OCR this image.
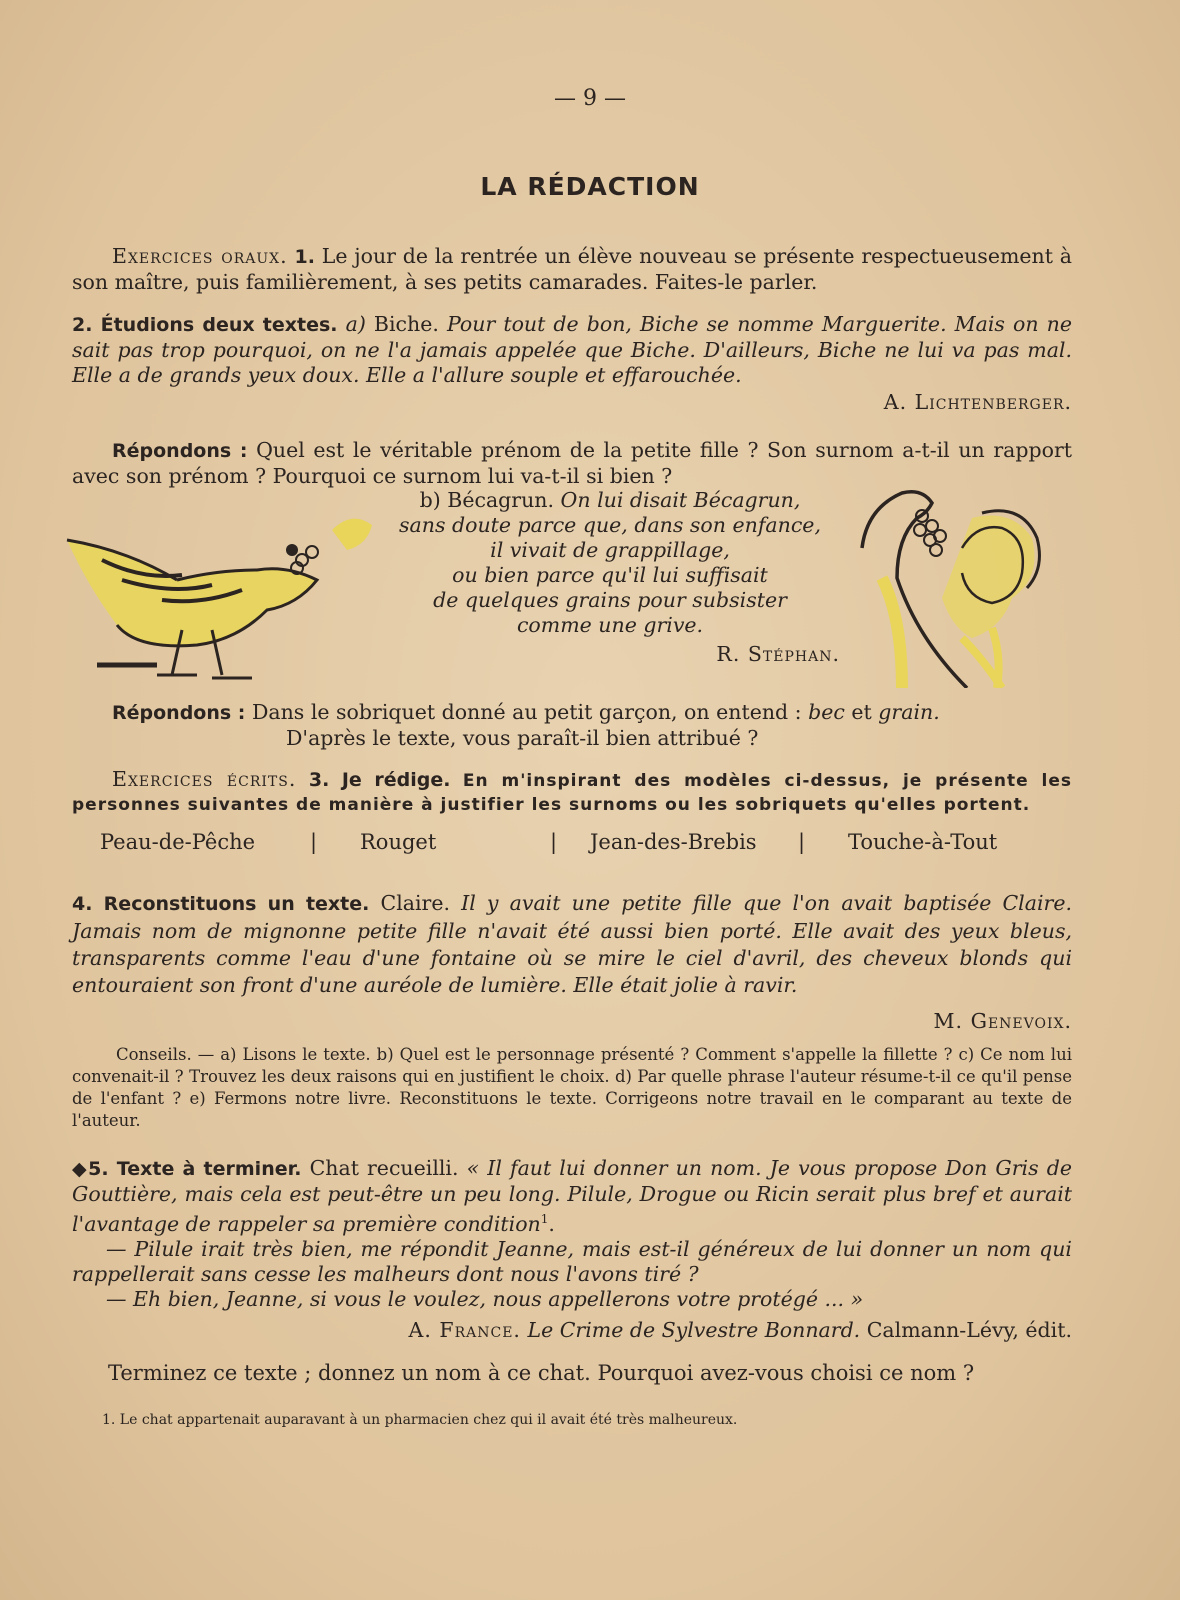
— 9 —
LA RÉDACTION

Exercices oraux. 1. Le jour de la rentrée un élève nouveau se présente respectueusement à son maître, puis familièrement, à ses petits camarades. Faites-le parler.

2. Étudions deux textes. a) Biche. Pour tout de bon, Biche se nomme Marguerite. Mais on ne sait pas trop pourquoi, on ne l'a jamais appelée que Biche. D'ailleurs, Biche ne lui va pas mal. Elle a de grands yeux doux. Elle a l'allure souple et effarouchée.

A. Lichtenberger.

Répondons : Quel est le véritable prénom de la petite fille ? Son surnom a-t-il un rapport avec son prénom ? Pourquoi ce surnom lui va-t-il si bien ?

b) Bécagrun. On lui disait Bécagrun,

sans doute parce que, dans son enfance,

il vivait de grappillage,

ou bien parce qu'il lui suffisait

de quelques grains pour subsister

comme une grive.

R. Stéphan.

Répondons : Dans le sobriquet donné au petit garçon, on entend : bec et grain.

D'après le texte, vous paraît-il bien attribué ?

Exercices écrits. 3. Je rédige. En m'inspirant des modèles ci-dessus, je présente les personnes suivantes de manière à justifier les surnoms ou les sobriquets qu'elles portent.

Peau-de-Pêche	|	Rouget	|	Jean-des-Brebis	|	Touche-à-Tout

4. Reconstituons un texte. Claire. Il y avait une petite fille que l'on avait baptisée Claire. Jamais nom de mignonne petite fille n'avait été aussi bien porté. Elle avait des yeux bleus, transparents comme l'eau d'une fontaine où se mire le ciel d'avril, des cheveux blonds qui entouraient son front d'une auréole de lumière. Elle était jolie à ravir.

M. Genevoix.

Conseils. — a) Lisons le texte. b) Quel est le personnage présenté ? Comment s'appelle la fillette ? c) Ce nom lui convenait-il ? Trouvez les deux raisons qui en justifient le choix. d) Par quelle phrase l'auteur résume-t-il ce qu'il pense de l'enfant ? e) Fermons notre livre. Reconstituons le texte. Corrigeons notre travail en le comparant au texte de l'auteur.

◆5. Texte à terminer. Chat recueilli. « Il faut lui donner un nom. Je vous propose Don Gris de Gouttière, mais cela est peut-être un peu long. Pilule, Drogue ou Ricin serait plus bref et aurait l'avantage de rappeler sa première condition$^1$.

— Pilule irait très bien, me répondit Jeanne, mais est-il généreux de lui donner un nom qui rappellerait sans cesse les malheurs dont nous l'avons tiré ?

— Eh bien, Jeanne, si vous le voulez, nous appellerons votre protégé ... »

A. France. Le Crime de Sylvestre Bonnard. Calmann-Lévy, édit.

Terminez ce texte ; donnez un nom à ce chat. Pourquoi avez-vous choisi ce nom ?

1. Le chat appartenait auparavant à un pharmacien chez qui il avait été très malheureux.
